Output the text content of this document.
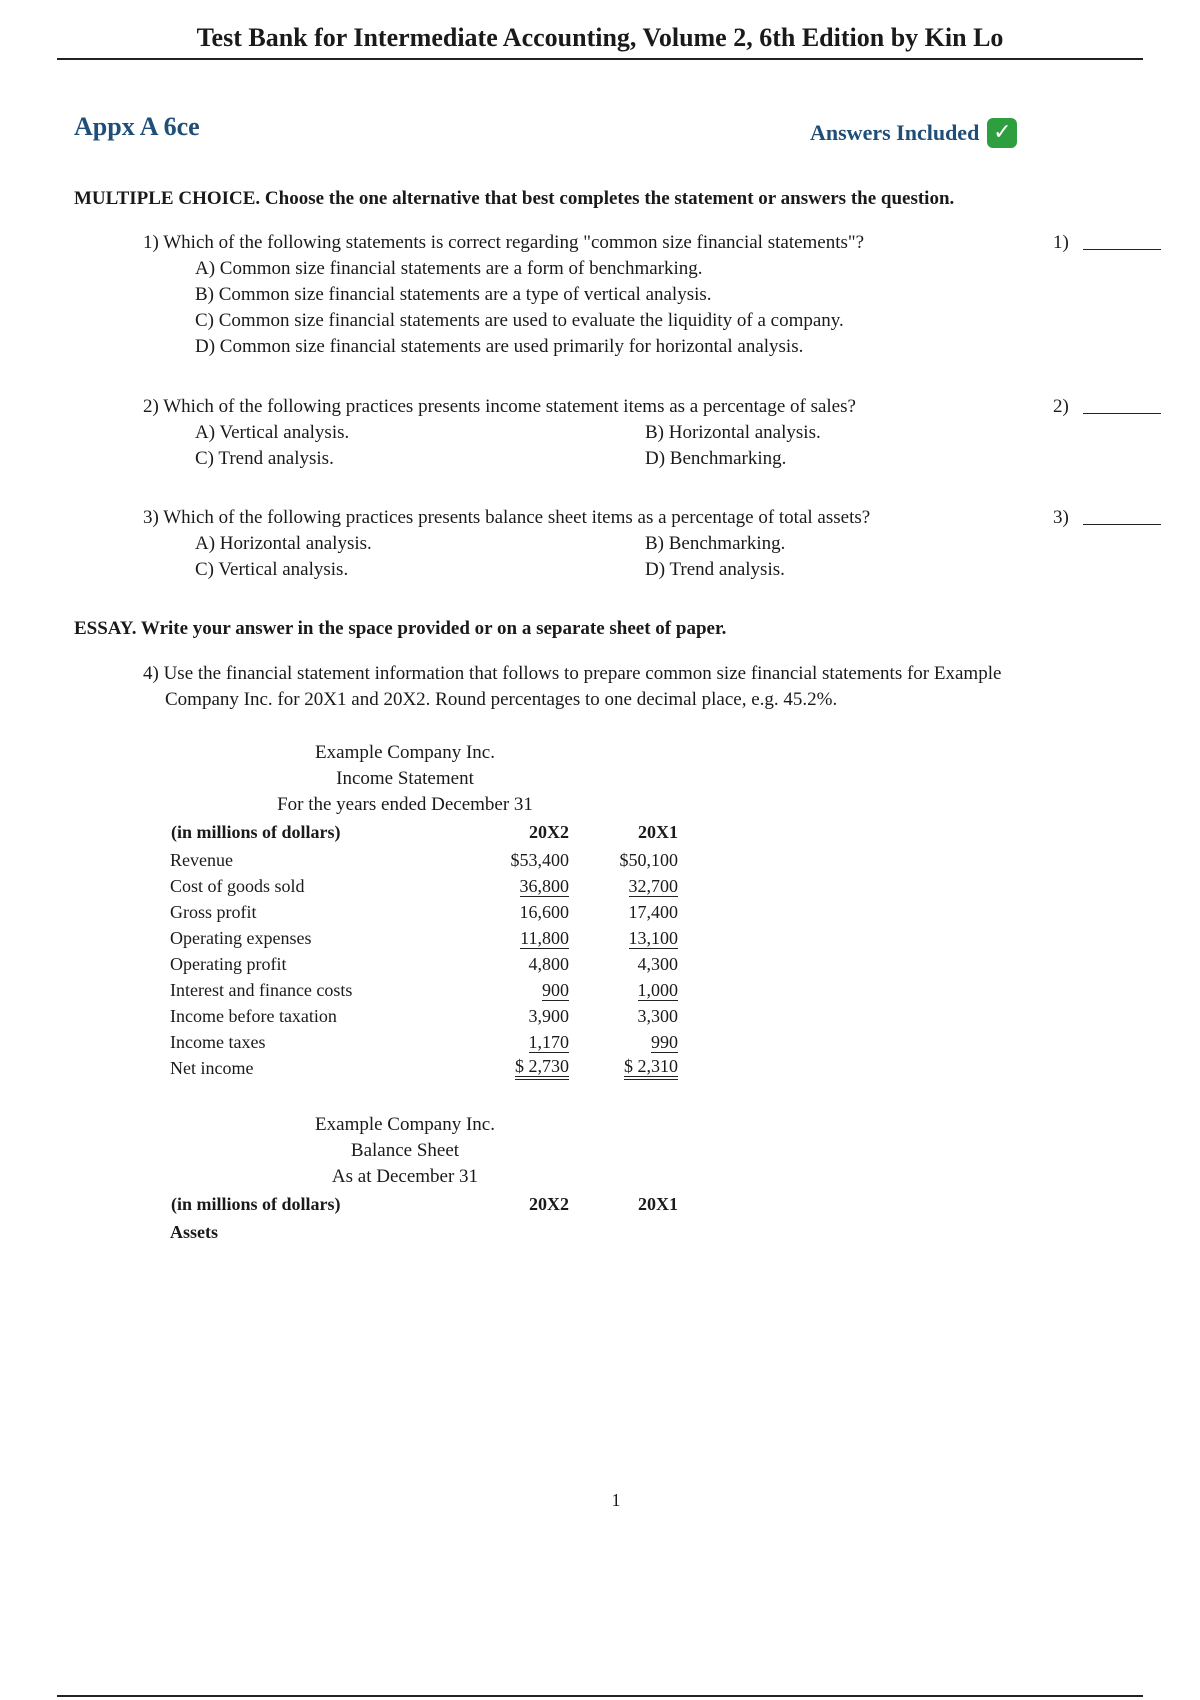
Test Bank for Intermediate Accounting, Volume 2, 6th Edition by Kin Lo
Appx A 6ce	Answers Included ✓
MULTIPLE CHOICE. Choose the one alternative that best completes the statement or answers the question.
1) Which of the following statements is correct regarding "common size financial statements"?	1)
A) Common size financial statements are a form of benchmarking.
B) Common size financial statements are a type of vertical analysis.
C) Common size financial statements are used to evaluate the liquidity of a company.
D) Common size financial statements are used primarily for horizontal analysis.
2) Which of the following practices presents income statement items as a percentage of sales?	2)
A) Vertical analysis.	B) Horizontal analysis.
C) Trend analysis.	D) Benchmarking.
3) Which of the following practices presents balance sheet items as a percentage of total assets?	3)
A) Horizontal analysis.	B) Benchmarking.
C) Vertical analysis.	D) Trend analysis.
ESSAY. Write your answer in the space provided or on a separate sheet of paper.
4) Use the financial statement information that follows to prepare common size financial statements for Example
Company Inc. for 20X1 and 20X2. Round percentages to one decimal place, e.g. 45.2%.
Example Company Inc.
Income Statement
For the years ended December 31
(in millions of dollars)	20X2	20X1
Revenue	$53,400	$50,100
Cost of goods sold	36,800	32,700
Gross profit	16,600	17,400
Operating expenses	11,800	13,100
Operating profit	4,800	4,300
Interest and finance costs	900	1,000
Income before taxation	3,900	3,300
Income taxes	1,170	990
Net income	$ 2,730	$ 2,310
Example Company Inc.
Balance Sheet
As at December 31
(in millions of dollars)	20X2	20X1
Assets		
1
